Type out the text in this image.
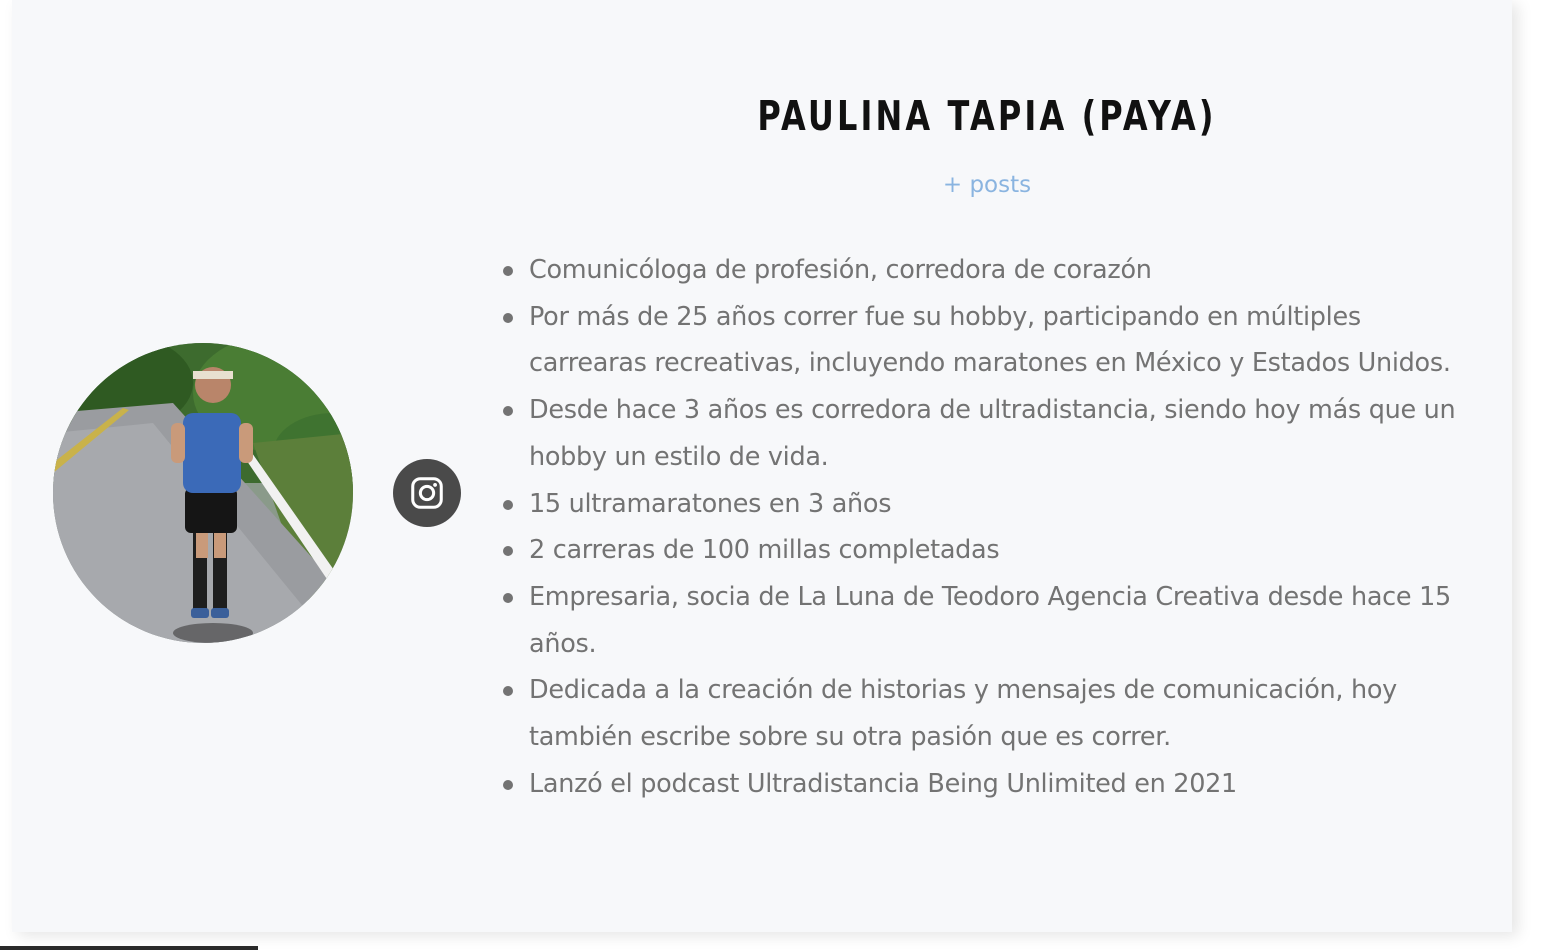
PAULINA TAPIA (PAYA)
+ posts
Comunicóloga de profesión, corredora de corazón
Por más de 25 años correr fue su hobby, participando en múltiples carrearas recreativas, incluyendo maratones en México y Estados Unidos.
Desde hace 3 años es corredora de ultradistancia, siendo hoy más que un hobby un estilo de vida.
15 ultramaratones en 3 años
2 carreras de 100 millas completadas
Empresaria, socia de La Luna de Teodoro Agencia Creativa desde hace 15 años.
Dedicada a la creación de historias y mensajes de comunicación, hoy también escribe sobre su otra pasión que es correr.
Lanzó el podcast Ultradistancia Being Unlimited en 2021
